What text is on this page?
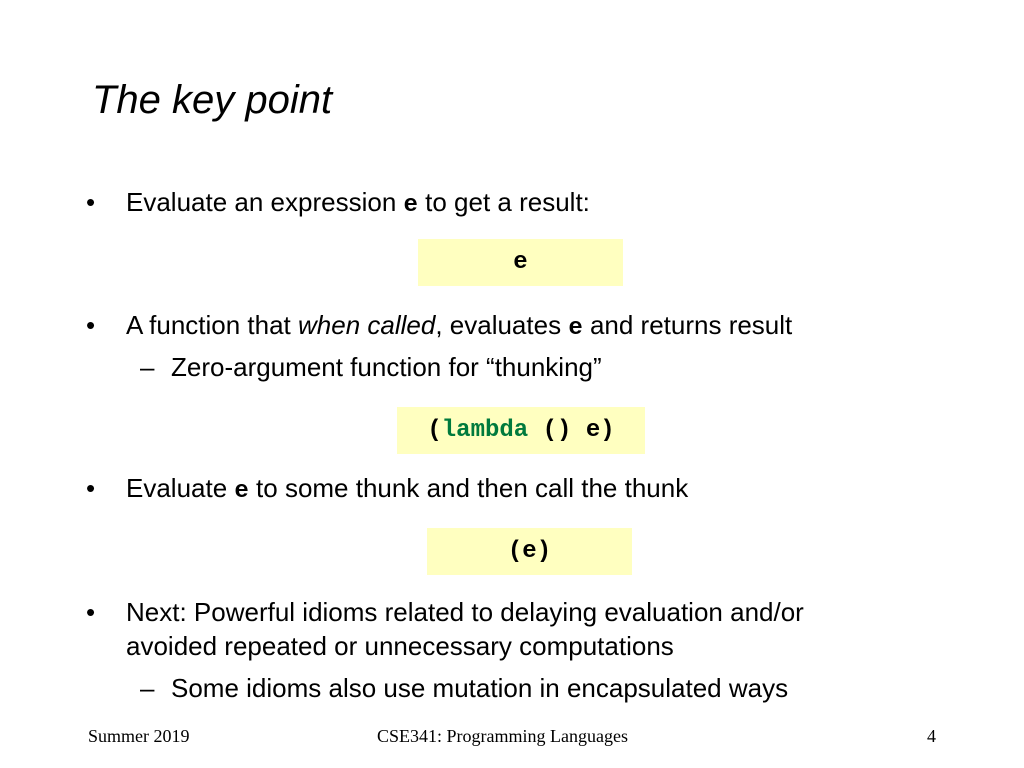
The key point
• Evaluate an expression e to get a result:
e
• A function that when called, evaluates e and returns result
– Zero-argument function for “thunking”
( lambda () e)
• Evaluate e to some thunk and then call the thunk
(e)
• Next: Powerful idioms related to delaying evaluation and/or
avoided repeated or unnecessary computations
– Some idioms also use mutation in encapsulated ways
Summer 2019	CSE341: Programming Languages	4
